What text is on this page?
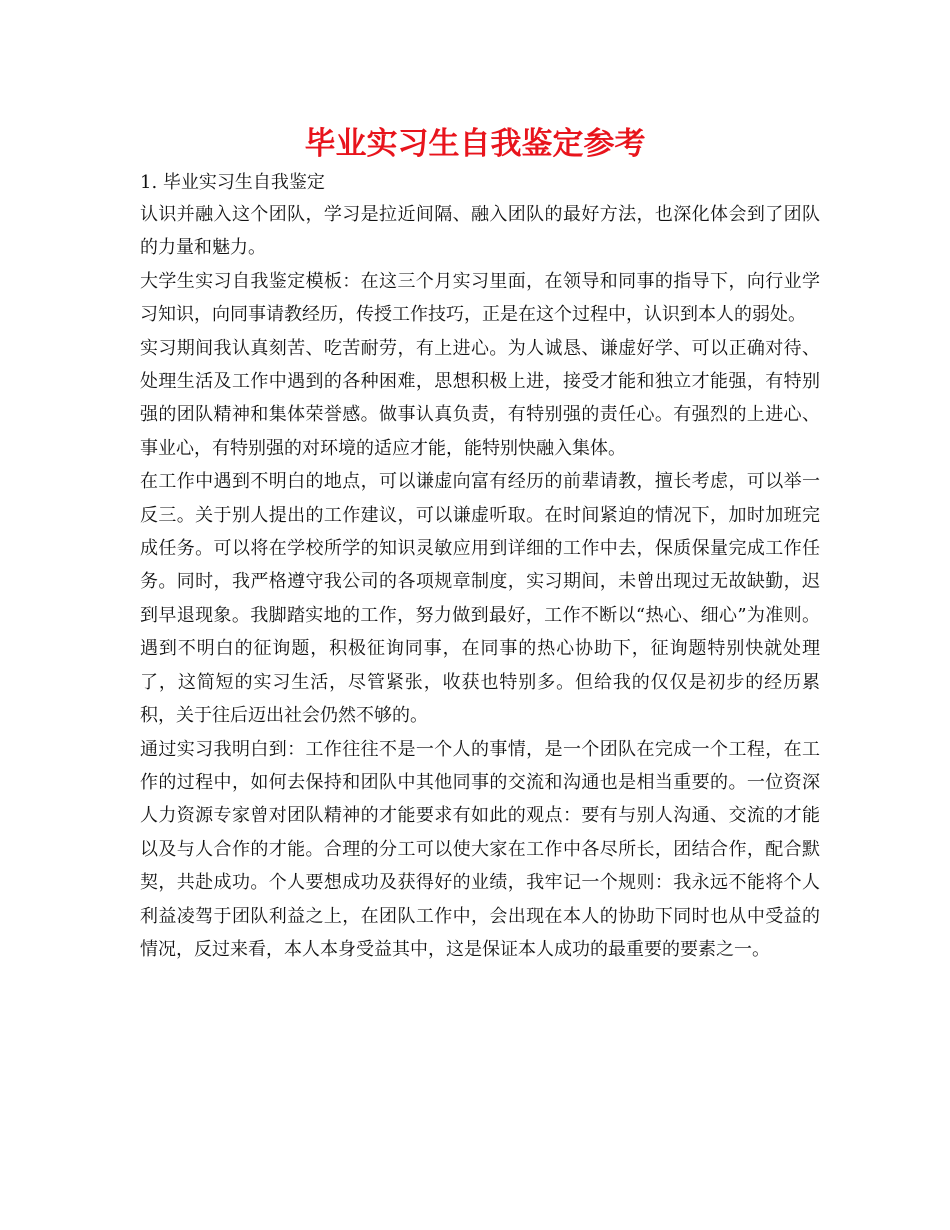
毕业实习生自我鉴定参考

1. 毕业实习生自我鉴定

认识并融入这个团队，学习是拉近间隔、融入团队的最好方法，也深化体会到了团队的力量和魅力。

大学生实习自我鉴定模板：在这三个月实习里面，在领导和同事的指导下，向行业学习知识，向同事请教经历，传授工作技巧，正是在这个过程中，认识到本人的弱处。

实习期间我认真刻苦、吃苦耐劳，有上进心。为人诚恳、谦虚好学、可以正确对待、处理生活及工作中遇到的各种困难，思想积极上进，接受才能和独立才能强，有特别强的团队精神和集体荣誉感。做事认真负责，有特别强的责任心。有强烈的上进心、事业心，有特别强的对环境的适应才能，能特别快融入集体。

在工作中遇到不明白的地点，可以谦虚向富有经历的前辈请教，擅长考虑，可以举一反三。关于别人提出的工作建议，可以谦虚听取。在时间紧迫的情况下，加时加班完成任务。可以将在学校所学的知识灵敏应用到详细的工作中去，保质保量完成工作任务。同时，我严格遵守我公司的各项规章制度，实习期间，未曾出现过无故缺勤，迟到早退现象。我脚踏实地的工作，努力做到最好，工作不断以“热心、细心”为准则。遇到不明白的征询题，积极征询同事，在同事的热心协助下，征询题特别快就处理了，这简短的实习生活，尽管紧张，收获也特别多。但给我的仅仅是初步的经历累积，关于往后迈出社会仍然不够的。

通过实习我明白到：工作往往不是一个人的事情，是一个团队在完成一个工程，在工作的过程中，如何去保持和团队中其他同事的交流和沟通也是相当重要的。一位资深人力资源专家曾对团队精神的才能要求有如此的观点：要有与别人沟通、交流的才能以及与人合作的才能。合理的分工可以使大家在工作中各尽所长，团结合作，配合默契，共赴成功。个人要想成功及获得好的业绩，我牢记一个规则：我永远不能将个人利益凌驾于团队利益之上，在团队工作中，会出现在本人的协助下同时也从中受益的情况，反过来看，本人本身受益其中，这是保证本人成功的最重要的要素之一。
